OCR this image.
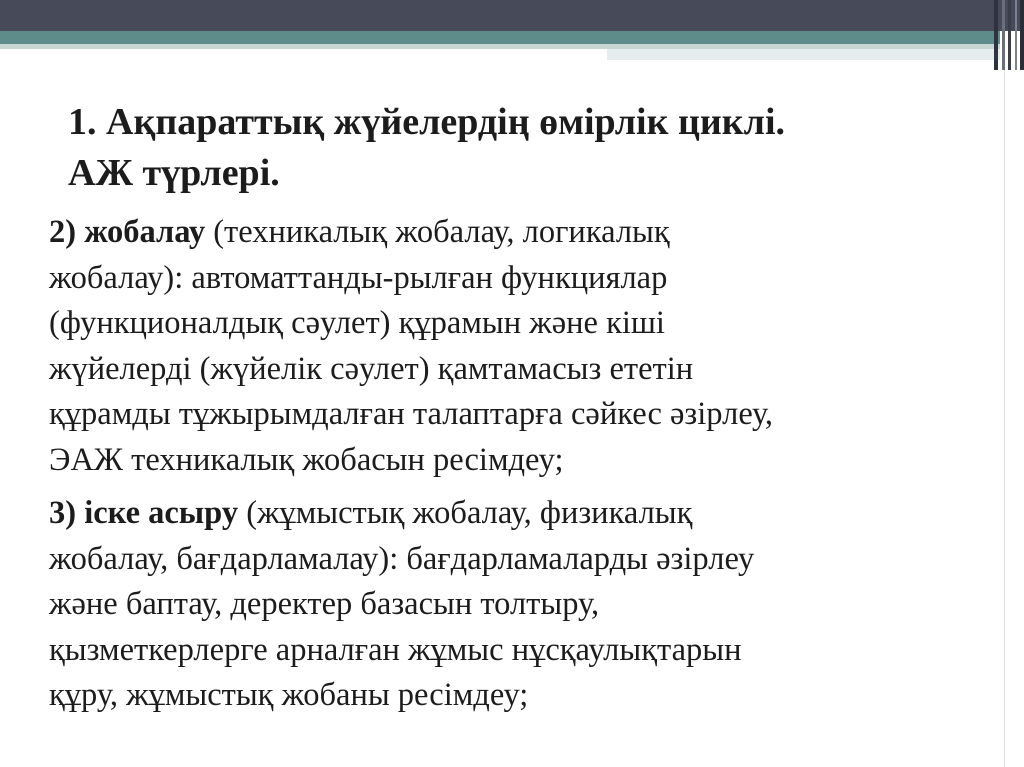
1. Ақпараттық жүйелердің өмірлік циклі.
АЖ түрлері.

2) жобалау (техникалық жобалау, логикалық
жобалау): автоматтанды-рылған функциялар
(функционалдық сәулет) құрамын және кіші
жүйелерді (жүйелік сәулет) қамтамасыз ететін
құрамды тұжырымдалған талаптарға сәйкес әзірлеу,
ЭАЖ техникалық жобасын ресімдеу;

3) іске асыру (жұмыстық жобалау, физикалық
жобалау, бағдарламалау): бағдарламаларды әзірлеу
және баптау, деректер базасын толтыру,
қызметкерлерге арналған жұмыс нұсқаулықтарын
құру, жұмыстық жобаны ресімдеу;
